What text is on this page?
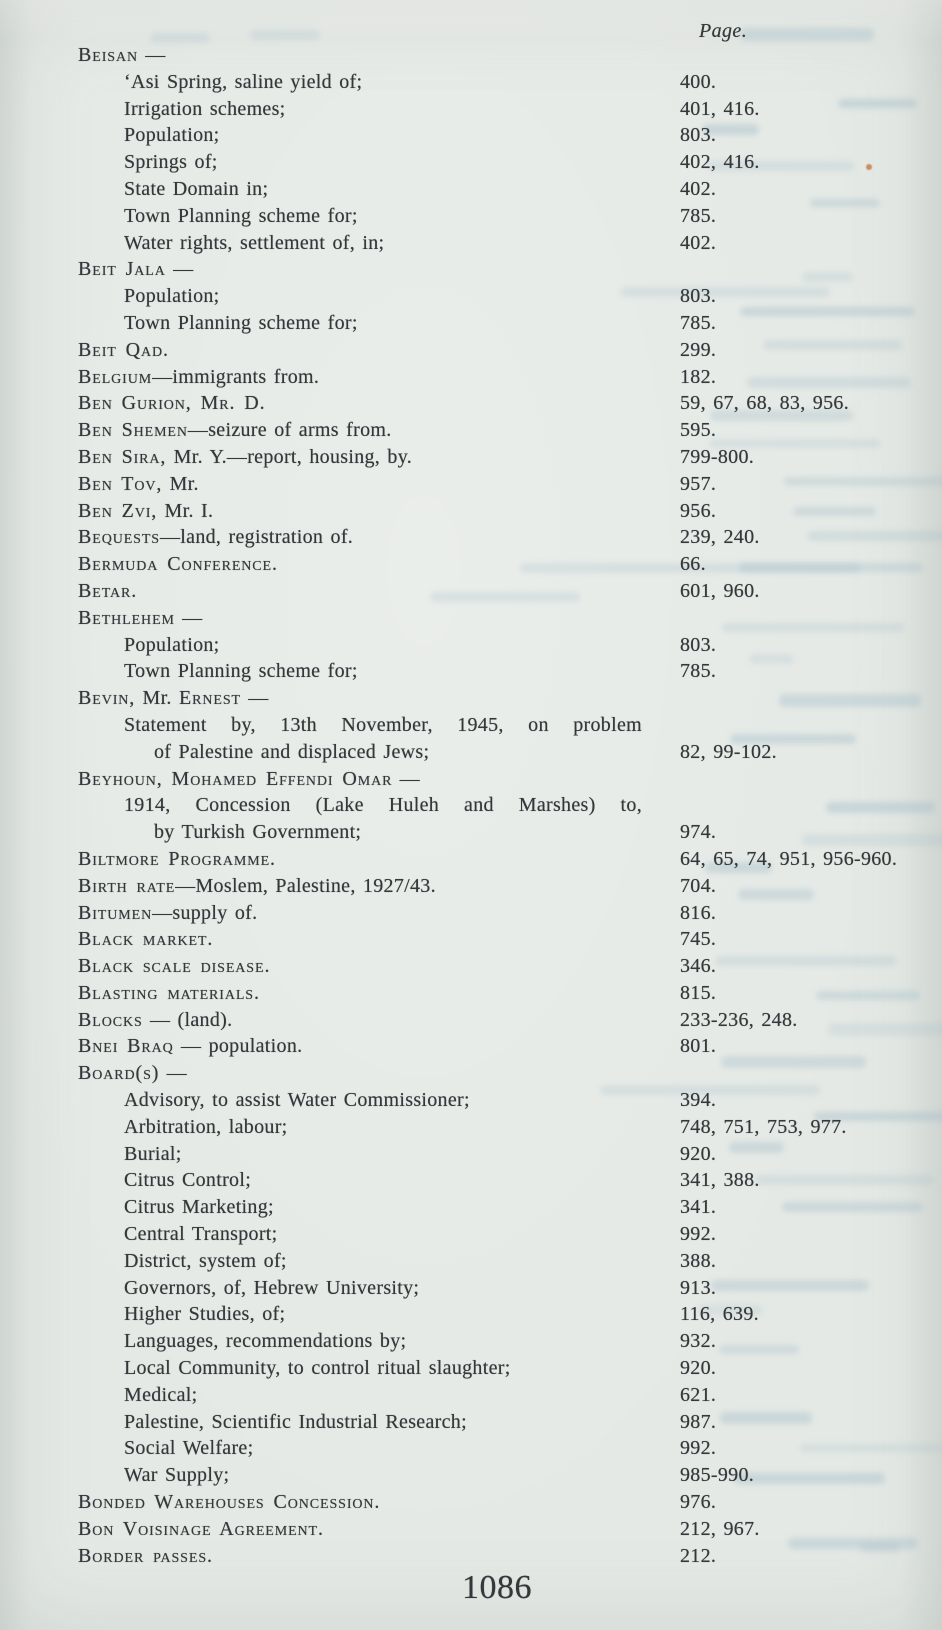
Page.
Beisan —
‘Asi Spring, saline yield of;	400.
Irrigation schemes;	401, 416.
Population;	803.
Springs of;	402, 416.
State Domain in;	402.
Town Planning scheme for;	785.
Water rights, settlement of, in;	402.
Beit Jala —
Population;	803.
Town Planning scheme for;	785.
Beit Qad.	299.
Belgium—immigrants from.	182.
Ben Gurion, Mr. D.	59, 67, 68, 83, 956.
Ben Shemen—seizure of arms from.	595.
Ben Sira, Mr. Y.—report, housing, by.	799-800.
Ben Tov, Mr.	957.
Ben Zvi, Mr. I.	956.
Bequests—land, registration of.	239, 240.
Bermuda Conference.	66.
Betar.	601, 960.
Bethlehem —
Population;	803.
Town Planning scheme for;	785.
Bevin, Mr. Ernest —
Statement by, 13th November, 1945, on problem
of Palestine and displaced Jews;	82, 99-102.
Beyhoun, Mohamed Effendi Omar —
1914, Concession (Lake Huleh and Marshes) to,
by Turkish Government;	974.
Biltmore Programme.	64, 65, 74, 951, 956-960.
Birth rate—Moslem, Palestine, 1927/43.	704.
Bitumen—supply of.	816.
Black market.	745.
Black scale disease.	346.
Blasting materials.	815.
Blocks — (land).	233-236, 248.
Bnei Braq — population.	801.
Board(s) —
Advisory, to assist Water Commissioner;	394.
Arbitration, labour;	748, 751, 753, 977.
Burial;	920.
Citrus Control;	341, 388.
Citrus Marketing;	341.
Central Transport;	992.
District, system of;	388.
Governors, of, Hebrew University;	913.
Higher Studies, of;	116, 639.
Languages, recommendations by;	932.
Local Community, to control ritual slaughter;	920.
Medical;	621.
Palestine, Scientific Industrial Research;	987.
Social Welfare;	992.
War Supply;	985-990.
Bonded Warehouses Concession.	976.
Bon Voisinage Agreement.	212, 967.
Border passes.	212.
1086
